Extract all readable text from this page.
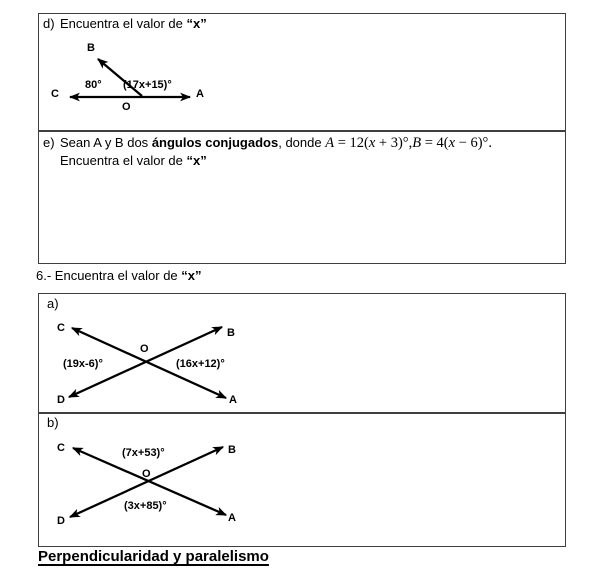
d) Encuentra el valor de “x”
B
C	A
O
80° (17x+15)°
e) Sean A y B dos ángulos conjugados, donde A = 12(x + 3)°,B = 4(x − 6)°.
Encuentra el valor de “x”
6.- Encuentra el valor de “x”
a)
C	B
O
(19x-6)°	(16x+12)°
D	A
b)
C	B
O
(7x+53)°
(3x+85)°
D	A
Perpendicularidad y paralelismo
